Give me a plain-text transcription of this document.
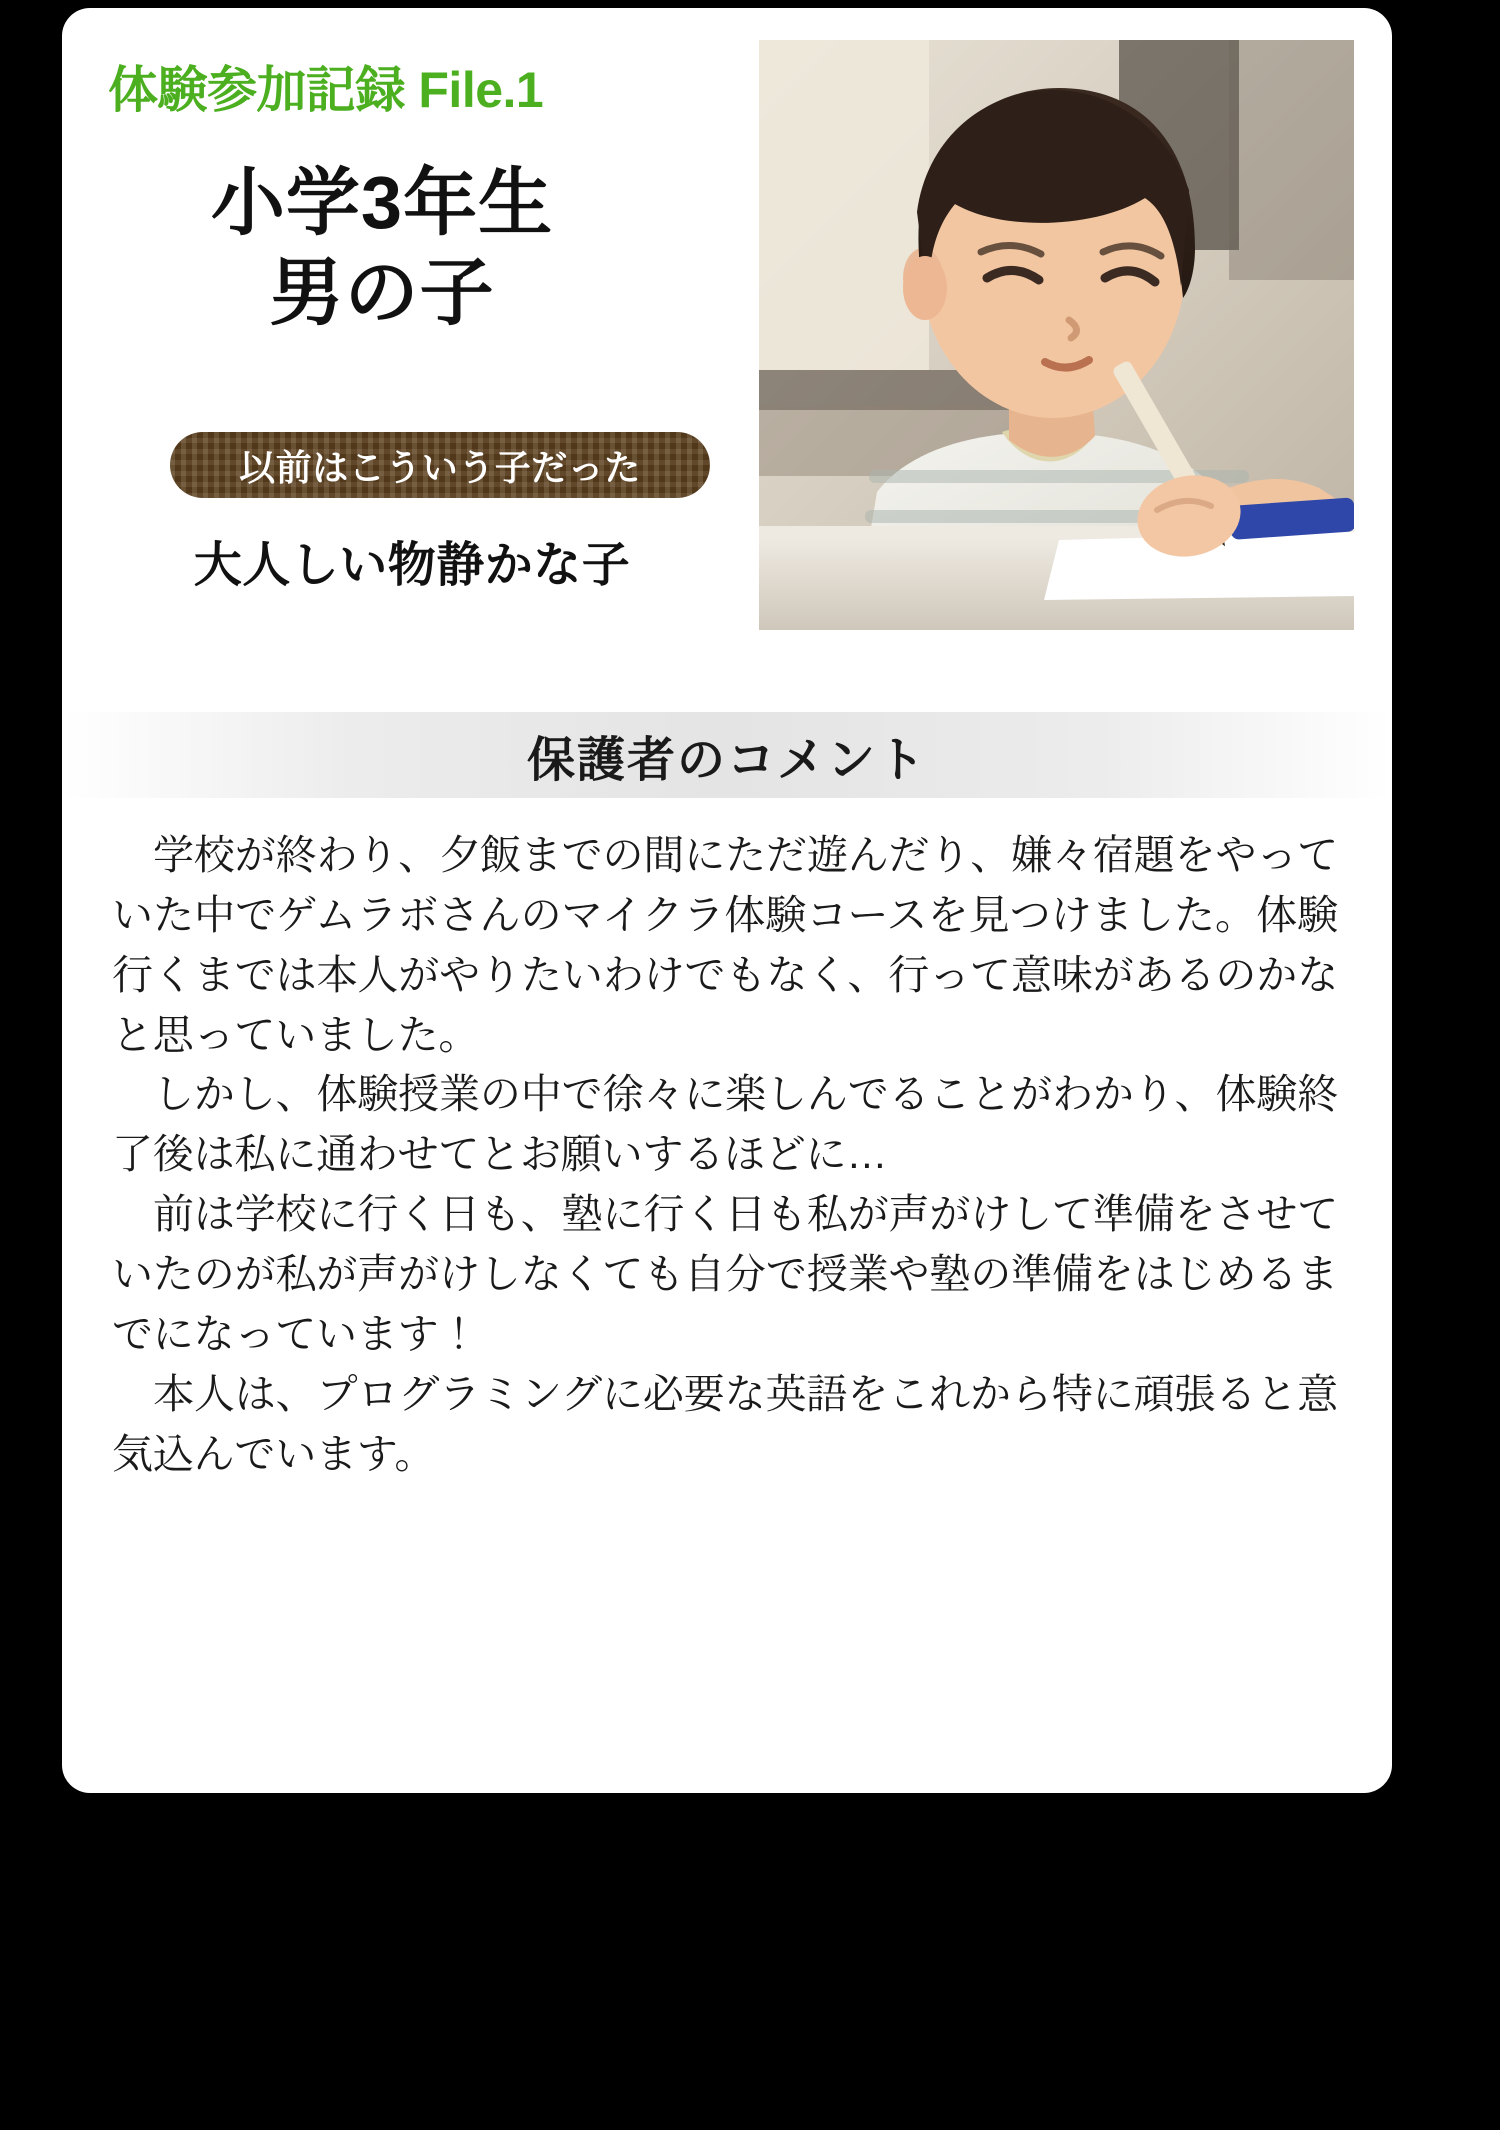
体験参加記録 File.1
小学3年生
男の子
以前はこういう子だった
大人しい物静かな子
保護者のコメント

学校が終わり、夕飯までの間にただ遊んだり、嫌々宿題をやっていた中でゲムラボさんのマイクラ体験コースを見つけました。体験行くまでは本人がやりたいわけでもなく、行って意味があるのかなと思っていました。

しかし、体験授業の中で徐々に楽しんでることがわかり、体験終了後は私に通わせてとお願いするほどに…

前は学校に行く日も、塾に行く日も私が声がけして準備をさせていたのが私が声がけしなくても自分で授業や塾の準備をはじめるまでになっています！

本人は、プログラミングに必要な英語をこれから特に頑張ると意気込んでいます。
